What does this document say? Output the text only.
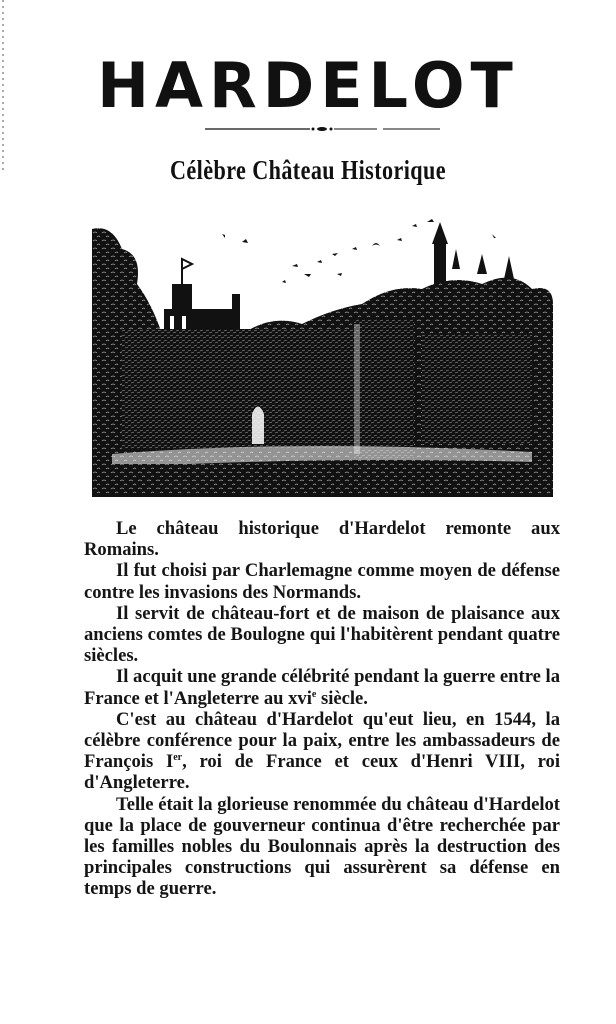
HARDELOT
Célèbre Château Historique

Le château historique d'Hardelot remonte aux Romains.

Il fut choisi par Charlemagne comme moyen de défense contre les invasions des Normands.

Il servit de château-fort et de maison de plaisance aux anciens comtes de Boulogne qui l'habitèrent pendant quatre siècles.

Il acquit une grande célébrité pendant la guerre entre la France et l'Angleterre au xvi$^e$ siècle.

C'est au château d'Hardelot qu'eut lieu, en 1544, la célèbre conférence pour la paix, entre les ambassadeurs de François Ier, roi de France et ceux d'Henri VIII, roi d'Angleterre.

Telle était la glorieuse renommée du château d'Hardelot que la place de gouverneur continua d'être recherchée par les familles nobles du Boulonnais après la destruction des principales constructions qui assurèrent sa défense en temps de guerre.
